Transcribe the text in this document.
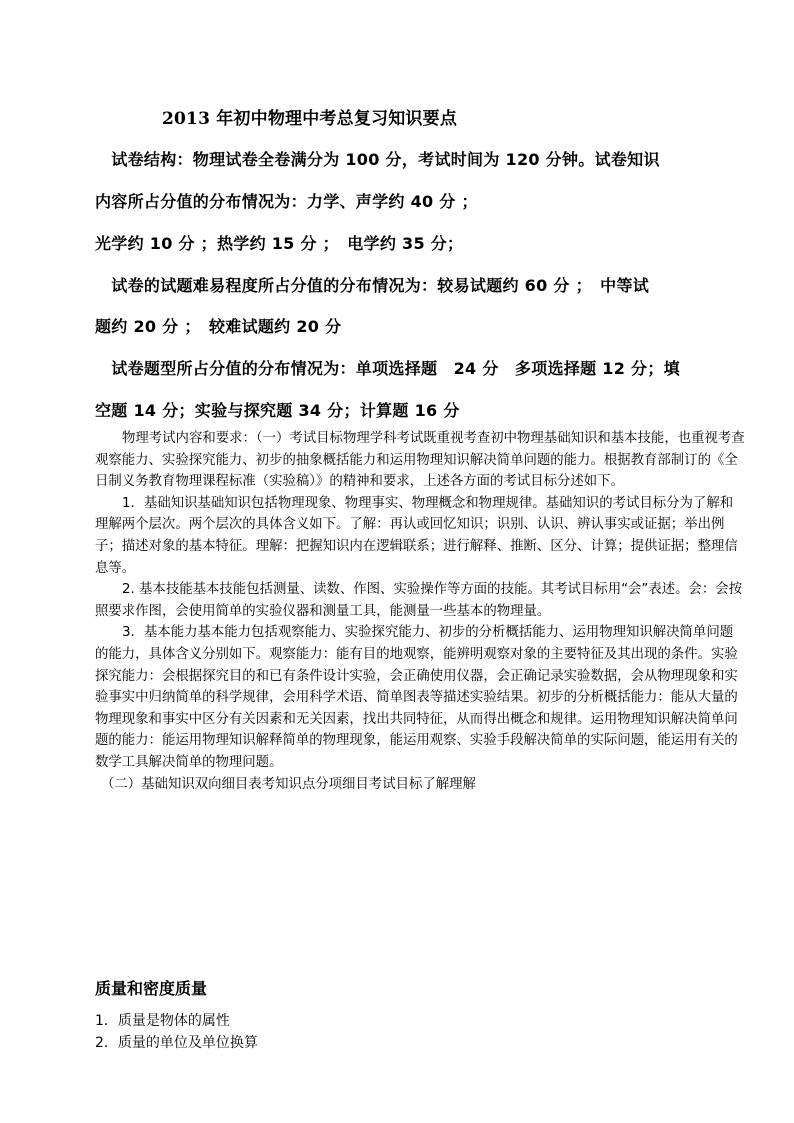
2013 年初中物理中考总复习知识要点
　试卷结构：物理试卷全卷满分为 100 分，考试时间为 120 分钟。试卷知识
内容所占分值的分布情况为：力学、声学约 40 分 ；
光学约 10 分 ；热学约 15 分 ；　电学约 35 分；
　试卷的试题难易程度所占分值的分布情况为：较易试题约 60 分 ；　中等试
题约 20 分 ；　较难试题约 20 分
　试卷题型所占分值的分布情况为：单项选择题　24 分　多项选择题 12 分；填
空题 14 分；实验与探究题 34 分；计算题 16 分

物理考试内容和要求：（一）考试目标物理学科考试既重视考查初中物理基础知识和基本技能，也重视考查观察能力、实验探究能力、初步的抽象概括能力和运用物理知识解决简单问题的能力。根据教育部制订的《全日制义务教育物理课程标准（实验稿）》的精神和要求，上述各方面的考试目标分述如下。

1．基础知识基础知识包括物理现象、物理事实、物理概念和物理规律。基础知识的考试目标分为了解和理解两个层次。两个层次的具体含义如下。了解：再认或回忆知识；识别、认识、辨认事实或证据；举出例子；描述对象的基本特征。理解：把握知识内在逻辑联系；进行解释、推断、区分、计算；提供证据；整理信息等。

2. 基本技能基本技能包括测量、读数、作图、实验操作等方面的技能。其考试目标用“会”表述。会：会按照要求作图，会使用简单的实验仪器和测量工具，能测量一些基本的物理量。

3．基本能力基本能力包括观察能力、实验探究能力、初步的分析概括能力、运用物理知识解决简单问题的能力，具体含义分别如下。观察能力：能有目的地观察，能辨明观察对象的主要特征及其出现的条件。实验探究能力：会根据探究目的和已有条件设计实验，会正确使用仪器，会正确记录实验数据，会从物理现象和实验事实中归纳简单的科学规律，会用科学术语、简单图表等描述实验结果。初步的分析概括能力：能从大量的物理现象和事实中区分有关因素和无关因素，找出共同特征，从而得出概念和规律。运用物理知识解决简单问题的能力：能运用物理知识解释简单的物理现象，能运用观察、实验手段解决简单的实际问题，能运用有关的数学工具解决简单的物理问题。

（二）基础知识双向细目表考知识点分项细目考试目标了解理解

质量和密度质量
1．质量是物体的属性
2．质量的单位及单位换算
